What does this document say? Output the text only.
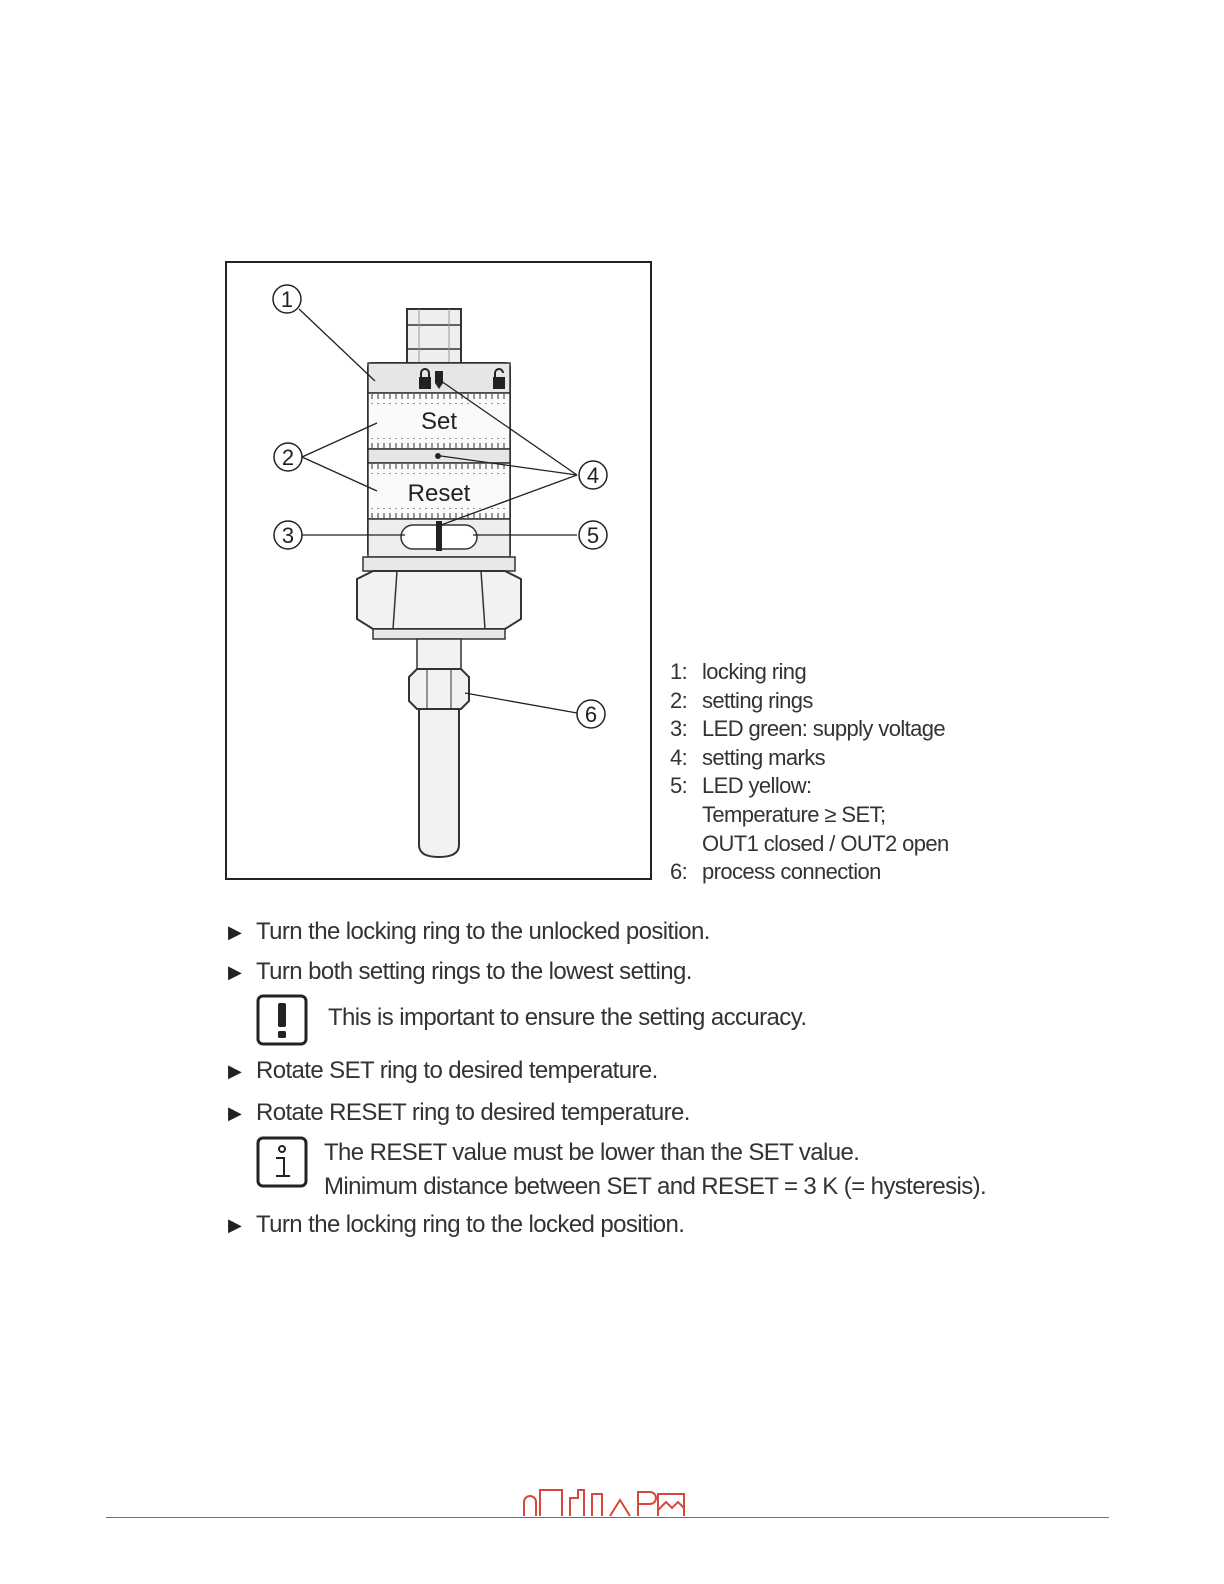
Set
Reset
1
2
3
4
5
6
1: locking ring
2: setting rings
3: LED green: supply voltage
4: setting marks
5: LED yellow:
Temperature ≥ SET;
OUT1 closed / OUT2 open
6: process connection
▶ Turn the locking ring to the unlocked position.
▶ Turn both setting rings to the lowest setting.
This is important to ensure the setting accuracy.
▶ Rotate SET ring to desired temperature.
▶ Rotate RESET ring to desired temperature.
The RESET value must be lower than the SET value.
Minimum distance between SET and RESET = 3 K (= hysteresis).
▶ Turn the locking ring to the locked position.
